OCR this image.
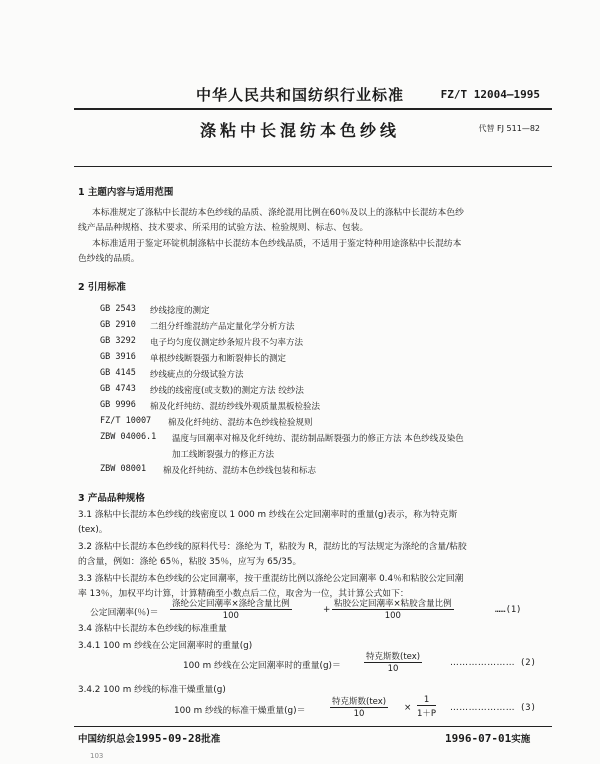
中华人民共和国纺织行业标准	FZ/T 12004—1995
涤粘中长混纺本色纱线	代替 FJ 511—82
1 主题内容与适用范围
本标准规定了涤粘中长混纺本色纱线的品质、涤纶混用比例在60％及以上的涤粘中长混纺本色纱
线产品品种规格、技术要求、所采用的试验方法、检验规则、标志、包装。
本标准适用于鉴定环锭机制涤粘中长混纺本色纱线品质，不适用于鉴定特种用途涤粘中长混纺本
色纱线的品质。
2 引用标准
GB 2543 纱线捻度的测定
GB 2910 二组分纤维混纺产品定量化学分析方法
GB 3292 电子均匀度仪测定纱条短片段不匀率方法
GB 3916 单根纱线断裂强力和断裂伸长的测定
GB 4145 纱线疵点的分级试验方法
GB 4743 纱线的线密度(或支数)的测定方法 绞纱法
GB 9996 棉及化纤纯纺、混纺纱线外观质量黑板检验法
FZ/T 10007 棉及化纤纯纺、混纺本色纱线检验规则
ZBW 04006.1 温度与回潮率对棉及化纤纯纺、混纺制品断裂强力的修正方法 本色纱线及染色
加工线断裂强力的修正方法
ZBW 08001 棉及化纤纯纺、混纺本色纱线包装和标志
3 产品品种规格
3.1 涤粘中长混纺本色纱线的线密度以 1 000 m 纱线在公定回潮率时的重量(g)表示，称为特克斯
(tex)。
3.2 涤粘中长混纺本色纱线的原料代号：涤纶为 T，粘胶为 R，混纺比的写法规定为涤纶的含量/粘胶
的含量，例如：涤纶 65％，粘胶 35％，应写为 65/35。
3.3 涤粘中长混纺本色纱线的公定回潮率，按干重混纺比例以涤纶公定回潮率 0.4％和粘胶公定回潮
率 13％，加权平均计算，计算精确至小数点后二位，取舍为一位，其计算公式如下：
公定回潮率(％)＝
涤纶公定回潮率×涤纶含量比例
100
+
粘胶公定回潮率×粘胶含量比例
100
……(1)
3.4 涤粘中长混纺本色纱线的标准重量
3.4.1 100 m 纱线在公定回潮率时的重量(g)
100 m 纱线在公定回潮率时的重量(g)＝
特克斯数(tex)
10
………………… (2)
3.4.2 100 m 纱线的标准干燥重量(g)
100 m 纱线的标准干燥重量(g)＝
特克斯数(tex)
10
× $\frac{1}{1+P}$ ………………… (3)
中国纺织总会1995-09-28批准	1996-07-01实施
103
